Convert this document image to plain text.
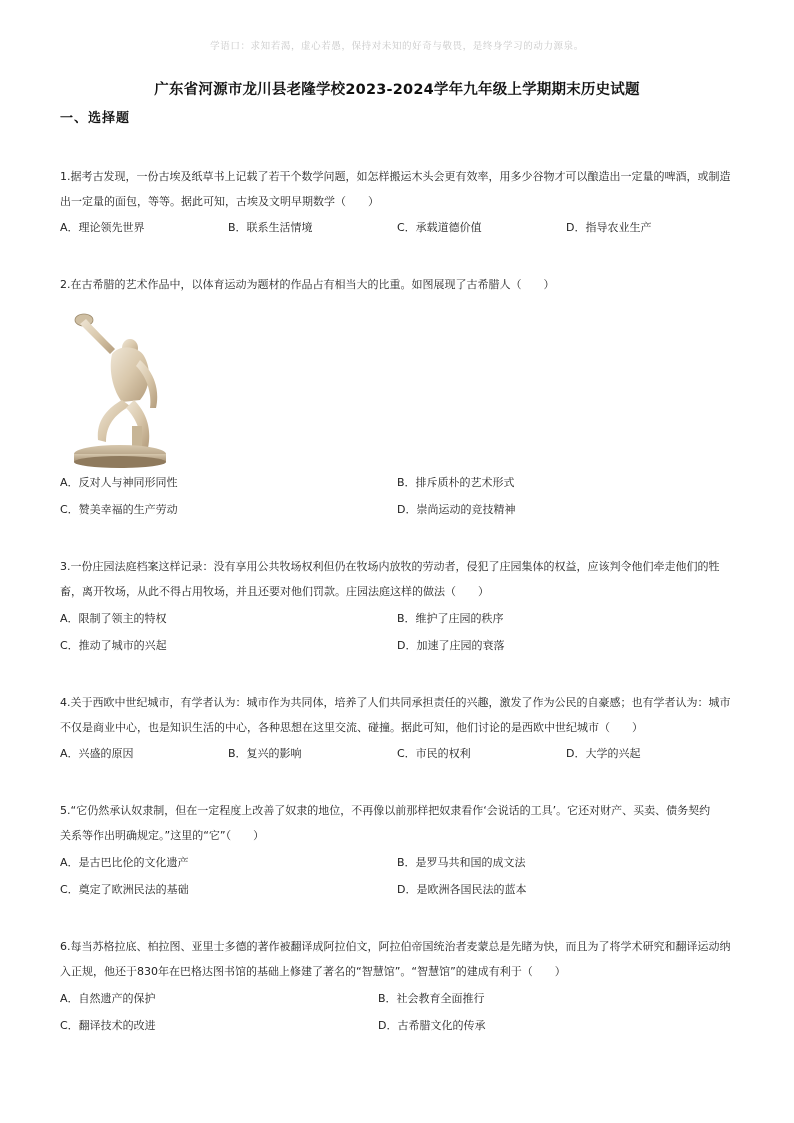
学语口：求知若渴，虚心若愚，保持对未知的好奇与敬畏，是终身学习的动力源泉。
广东省河源市龙川县老隆学校2023-2024学年九年级上学期期末历史试题
一、选择题
1.据考古发现，一份古埃及纸草书上记载了若干个数学问题，如怎样搬运木头会更有效率，用多少谷物才可以酿造出一定量的啤酒，或制造
出一定量的面包，等等。据此可知，古埃及文明早期数学（　　）
A．理论领先世界	B．联系生活情境	C．承载道德价值	D．指导农业生产
2.在古希腊的艺术作品中，以体育运动为题材的作品占有相当大的比重。如图展现了古希腊人（　　）
A．反对人与神同形同性	B．排斥质朴的艺术形式
C．赞美幸福的生产劳动	D．崇尚运动的竞技精神
3.一份庄园法庭档案这样记录：没有享用公共牧场权利但仍在牧场内放牧的劳动者，侵犯了庄园集体的权益，应该判令他们牵走他们的牲
畜，离开牧场，从此不得占用牧场，并且还要对他们罚款。庄园法庭这样的做法（　　）
A．限制了领主的特权	B．维护了庄园的秩序
C．推动了城市的兴起	D．加速了庄园的衰落
4.关于西欧中世纪城市，有学者认为：城市作为共同体，培养了人们共同承担责任的兴趣，激发了作为公民的自豪感；也有学者认为：城市
不仅是商业中心，也是知识生活的中心，各种思想在这里交流、碰撞。据此可知，他们讨论的是西欧中世纪城市（　　）
A．兴盛的原因	B．复兴的影响	C．市民的权利	D．大学的兴起
5.“它仍然承认奴隶制，但在一定程度上改善了奴隶的地位，不再像以前那样把奴隶看作‘会说话的工具’。它还对财产、买卖、债务契约
关系等作出明确规定。”这里的“它”（　　）
A．是古巴比伦的文化遗产	B．是罗马共和国的成文法
C．奠定了欧洲民法的基础	D．是欧洲各国民法的蓝本
6.每当苏格拉底、柏拉图、亚里士多德的著作被翻译成阿拉伯文，阿拉伯帝国统治者麦蒙总是先睹为快，而且为了将学术研究和翻译运动纳
入正规，他还于830年在巴格达图书馆的基础上修建了著名的“智慧馆”。“智慧馆”的建成有利于（　　）
A．自然遗产的保护	B．社会教育全面推行
C．翻译技术的改进	D．古希腊文化的传承
